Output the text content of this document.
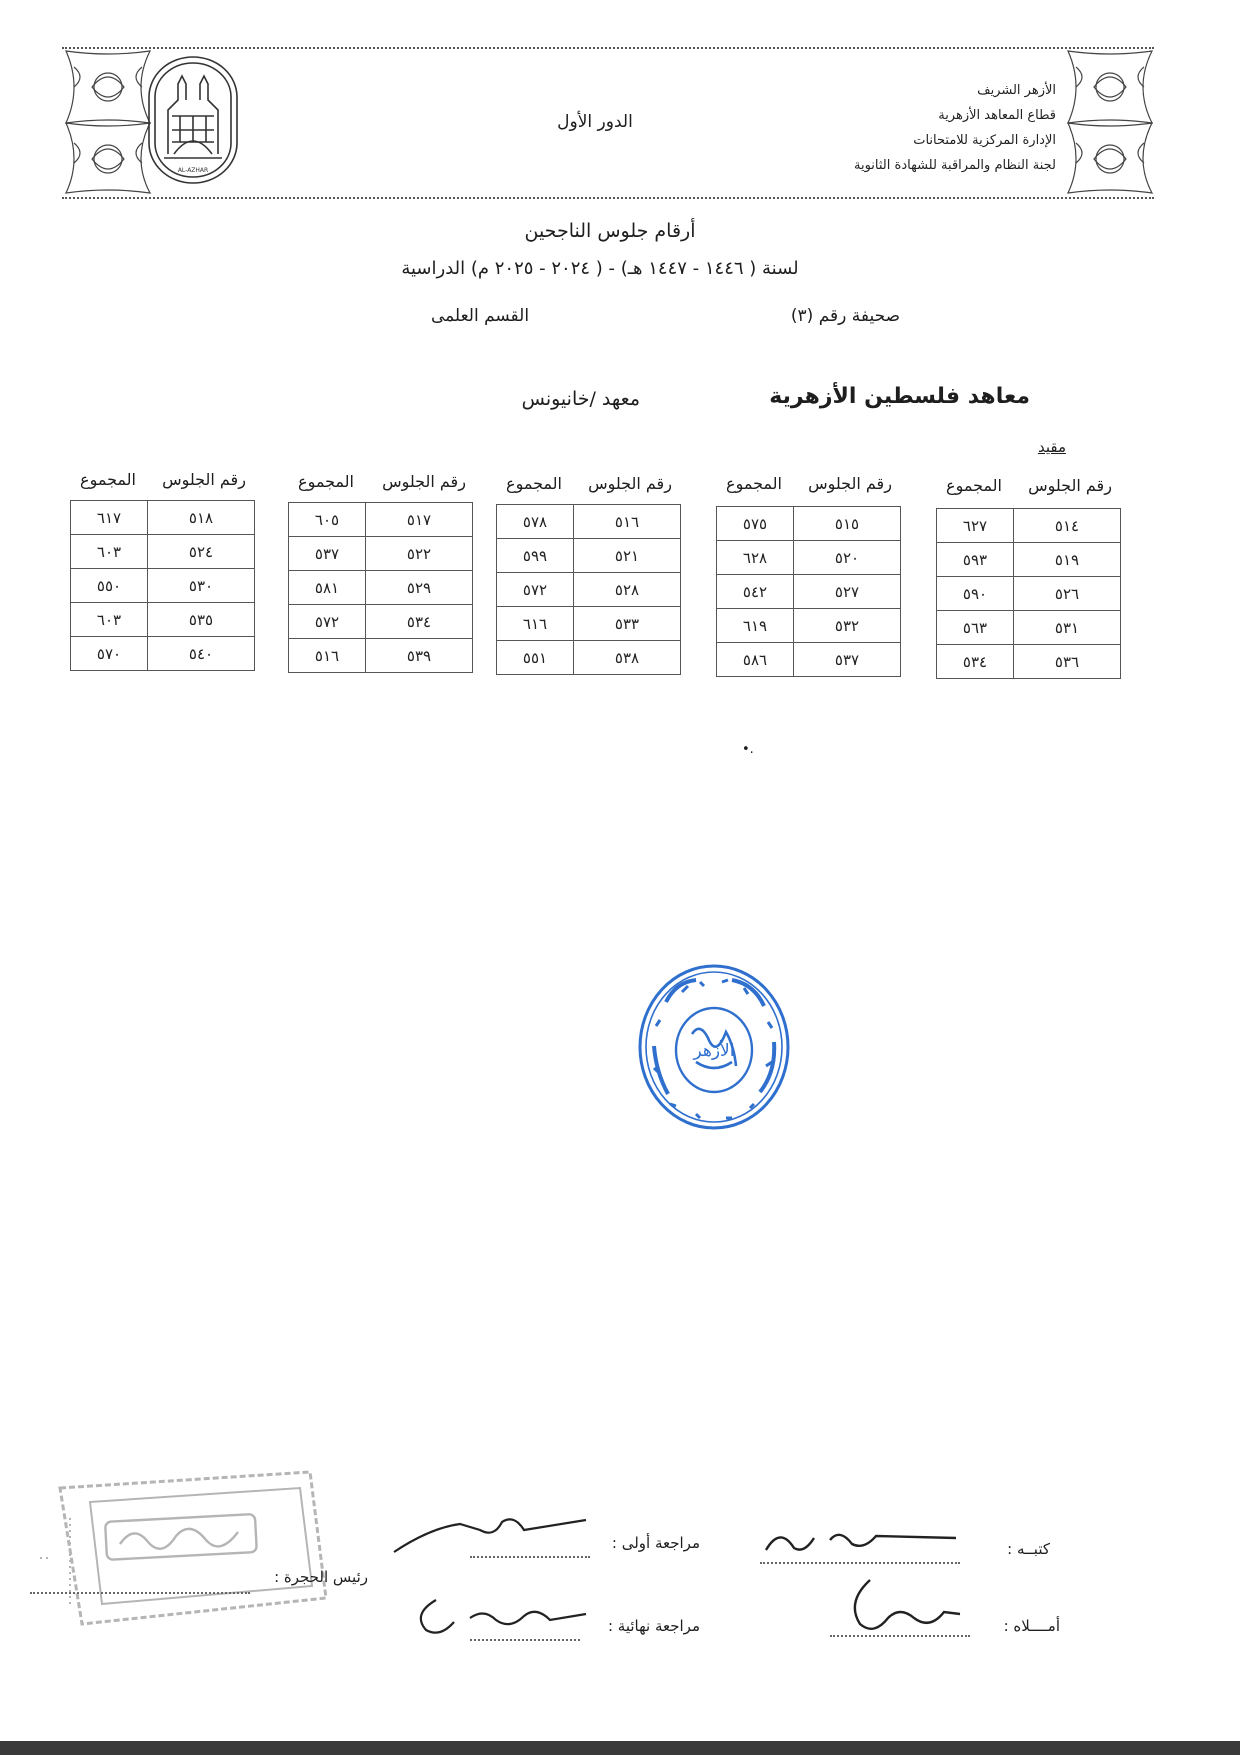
AL-AZHAR
الأزهر الشريف
قطاع المعاهد الأزهرية
الإدارة المركزية للامتحانات
لجنة النظام والمراقبة للشهادة الثانوية
الدور الأول
أرقام جلوس الناجحين
لسنة ( ١٤٤٦ - ١٤٤٧ هـ) - ( ٢٠٢٤ - ٢٠٢٥ م) الدراسية
صحيفة رقم (٣)
القسم العلمى
معاهد فلسطين الأزهرية
معهد /خانيونس
مقيد
رقم الجلوس
المجموع
رقم الجلوس
المجموع
رقم الجلوس
المجموع
رقم الجلوس
المجموع
رقم الجلوس
المجموع
٥١٤	٦٢٧
٥١٩	٥٩٣
٥٢٦	٥٩٠
٥٣١	٥٦٣
٥٣٦	٥٣٤
٥١٥	٥٧٥
٥٢٠	٦٢٨
٥٢٧	٥٤٢
٥٣٢	٦١٩
٥٣٧	٥٨٦
٥١٦	٥٧٨
٥٢١	٥٩٩
٥٢٨	٥٧٢
٥٣٣	٦١٦
٥٣٨	٥٥١
٥١٧	٦٠٥
٥٢٢	٥٣٧
٥٢٩	٥٨١
٥٣٤	٥٧٢
٥٣٩	٥١٦
٥١٨	٦١٧
٥٢٤	٦٠٣
٥٣٠	٥٥٠
٥٣٥	٦٠٣
٥٤٠	٥٧٠
•.
الأزهر
كتبــه :
أمــــلاه :
مراجعة أولى :
مراجعة نهائية :
رئيس الحجرة :
